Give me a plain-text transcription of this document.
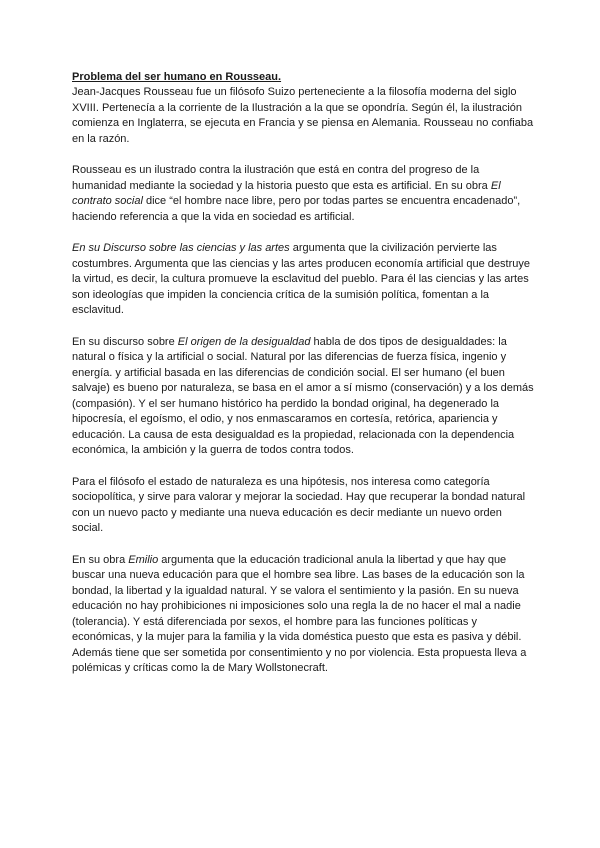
Problema del ser humano en Rousseau.

Jean-Jacques Rousseau fue un filósofo Suizo perteneciente a la filosofía moderna del siglo XVIII. Pertenecía a la corriente de la Ilustración a la que se opondría. Según él, la ilustración comienza en Inglaterra, se ejecuta en Francia y se piensa en Alemania. Rousseau no confiaba en la razón.

Rousseau es un ilustrado contra la ilustración que está en contra del progreso de la humanidad mediante la sociedad y la historia puesto que esta es artificial. En su obra El contrato social dice “el hombre nace libre, pero por todas partes se encuentra encadenado”, haciendo referencia a que la vida en sociedad es artificial.

En su Discurso sobre las ciencias y las artes argumenta que la civilización pervierte las costumbres. Argumenta que las ciencias y las artes producen economía artificial que destruye la virtud, es decir, la cultura promueve la esclavitud del pueblo. Para él las ciencias y las artes son ideologías que impiden la conciencia crítica de la sumisión política, fomentan a la esclavitud.

En su discurso sobre El origen de la desigualdad habla de dos tipos de desigualdades: la natural o física y la artificial o social. Natural por las diferencias de fuerza física, ingenio y energía. y artificial basada en las diferencias de condición social. El ser humano (el buen salvaje) es bueno por naturaleza, se basa en el amor a sí mismo (conservación) y a los demás (compasión). Y el ser humano histórico ha perdido la bondad original, ha degenerado la hipocresía, el egoísmo, el odio, y nos enmascaramos en cortesía, retórica, apariencia y educación. La causa de esta desigualdad es la propiedad, relacionada con la dependencia económica, la ambición y la guerra de todos contra todos.

Para el filósofo el estado de naturaleza es una hipótesis, nos interesa como categoría sociopolítica, y sirve para valorar y mejorar la sociedad. Hay que recuperar la bondad natural con un nuevo pacto y mediante una nueva educación es decir mediante un nuevo orden social.

En su obra Emilio argumenta que la educación tradicional anula la libertad y que hay que buscar una nueva educación para que el hombre sea libre. Las bases de la educación son la bondad, la libertad y la igualdad natural. Y se valora el sentimiento y la pasión. En su nueva educación no hay prohibiciones ni imposiciones solo una regla la de no hacer el mal a nadie (tolerancia). Y está diferenciada por sexos, el hombre para las funciones políticas y económicas, y la mujer para la familia y la vida doméstica puesto que esta es pasiva y débil. Además tiene que ser sometida por consentimiento y no por violencia. Esta propuesta lleva a polémicas y críticas como la de Mary Wollstonecraft.
